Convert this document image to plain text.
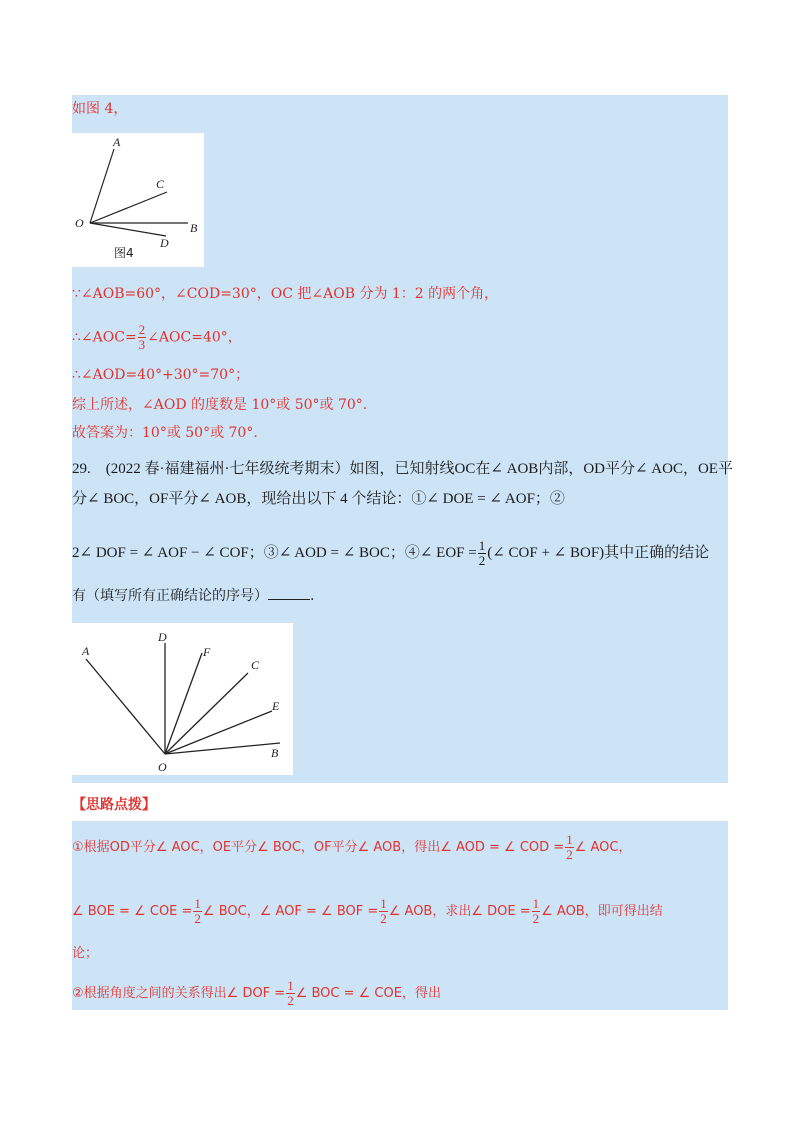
如图 4，
A
C
O	B
D
图4
∵∠AOB=60°，∠COD=30°，OC 把∠AOB 分为 1：2 的两个角，
∴∠AOC= $\frac{2}{3}$ ∠AOC=40°，
∴∠AOD=40°+30°=70°；
综上所述，∠AOD 的度数是 10°或 50°或 70°.
故答案为：10°或 50°或 70°.
29.　(2022 春·福建福州·七年级统考期末）如图，已知射线OC在∠ AOB内部，OD平分∠ AOC，OE平
分∠ BOC，OF平分∠ AOB，现给出以下 4 个结论：①∠ DOE = ∠ AOF；②
2∠ DOF = ∠ AOF − ∠ COF；③∠ AOD = ∠ BOC；④∠ EOF = $\frac{1}{2}$ (∠ COF + ∠ BOF)其中正确的结论
有（填写所有正确结论的序号）	.
A
D
F
C
E
B
O
【思路点拨】
①根据OD平分∠ AOC，OE平分∠ BOC，OF平分∠ AOB，得出∠ AOD = ∠ COD = $\frac{1}{2}$ ∠ AOC，
∠ BOE = ∠ COE = $\frac{1}{2}$ ∠ BOC，∠ AOF = ∠ BOF = $\frac{1}{2}$ ∠ AOB，求出∠ DOE = $\frac{1}{2}$ ∠ AOB，即可得出结
论；
②根据角度之间的关系得出∠ DOF = $\frac{1}{2}$ ∠ BOC = ∠ COE，得出
